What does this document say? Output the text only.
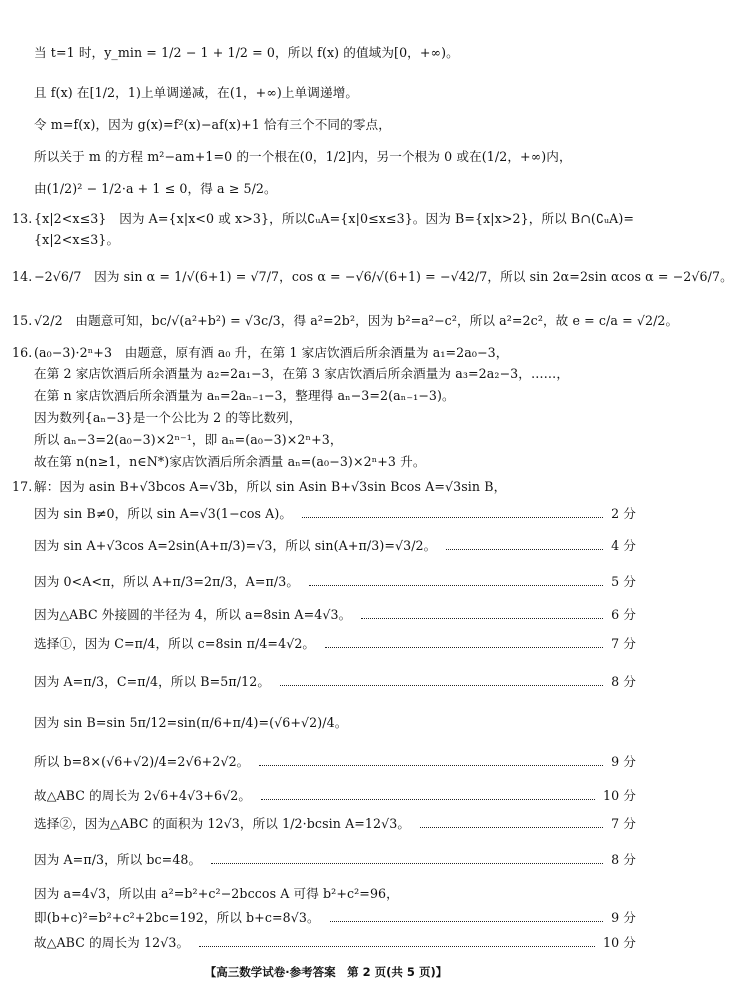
当 t=1 时，y_min = 1/2 − 1 + 1/2 = 0，所以 f(x) 的值域为[0，+∞)。
且 f(x) 在[1/2，1)上单调递减，在(1，+∞)上单调递增。
令 m=f(x)，因为 g(x)=f²(x)−af(x)+1 恰有三个不同的零点，
所以关于 m 的方程 m²−am+1=0 的一个根在(0，1/2]内，另一个根为 0 或在(1/2，+∞)内，
由(1/2)² − 1/2·a + 1 ≤ 0，得 a ≥ 5/2。
13. {x|2<x≤3}　因为 A={x|x<0 或 x>3}，所以∁ᵤA={x|0≤x≤3}。因为 B={x|x>2}，所以 B∩(∁ᵤA)=
{x|2<x≤3}。
14. −2√6/7　因为 sin α = 1/√(6+1) = √7/7，cos α = −√6/√(6+1) = −√42/7，所以 sin 2α=2sin αcos α = −2√6/7。
15. √2/2　由题意可知，bc/√(a²+b²) = √3c/3，得 a²=2b²，因为 b²=a²−c²，所以 a²=2c²，故 e = c/a = √2/2。
16. (a₀−3)·2ⁿ+3　由题意，原有酒 a₀ 升，在第 1 家店饮酒后所余酒量为 a₁=2a₀−3，
在第 2 家店饮酒后所余酒量为 a₂=2a₁−3，在第 3 家店饮酒后所余酒量为 a₃=2a₂−3，……，
在第 n 家店饮酒后所余酒量为 aₙ=2aₙ₋₁−3，整理得 aₙ−3=2(aₙ₋₁−3)。
因为数列{aₙ−3}是一个公比为 2 的等比数列，
所以 aₙ−3=2(a₀−3)×2ⁿ⁻¹，即 aₙ=(a₀−3)×2ⁿ+3，
故在第 n(n≥1，n∈N*)家店饮酒后所余酒量 aₙ=(a₀−3)×2ⁿ+3 升。
17. 解：因为 asin B+√3bcos A=√3b，所以 sin Asin B+√3sin Bcos A=√3sin B，
因为 sin B≠0，所以 sin A=√3(1−cos A)。	2 分
因为 sin A+√3cos A=2sin(A+π/3)=√3，所以 sin(A+π/3)=√3/2。	4 分
因为 0<A<π，所以 A+π/3=2π/3，A=π/3。	5 分
因为△ABC 外接圆的半径为 4，所以 a=8sin A=4√3。	6 分
选择①，因为 C=π/4，所以 c=8sin π/4=4√2。	7 分
因为 A=π/3，C=π/4，所以 B=5π/12。	8 分
因为 sin B=sin 5π/12=sin(π/6+π/4)=(√6+√2)/4。
所以 b=8×(√6+√2)/4=2√6+2√2。	9 分
故△ABC 的周长为 2√6+4√3+6√2。	10 分
选择②，因为△ABC 的面积为 12√3，所以 1/2·bcsin A=12√3。	7 分
因为 A=π/3，所以 bc=48。	8 分
因为 a=4√3，所以由 a²=b²+c²−2bccos A 可得 b²+c²=96，
即(b+c)²=b²+c²+2bc=192，所以 b+c=8√3。	9 分
故△ABC 的周长为 12√3。	10 分
【高三数学试卷·参考答案　第 2 页(共 5 页)】
